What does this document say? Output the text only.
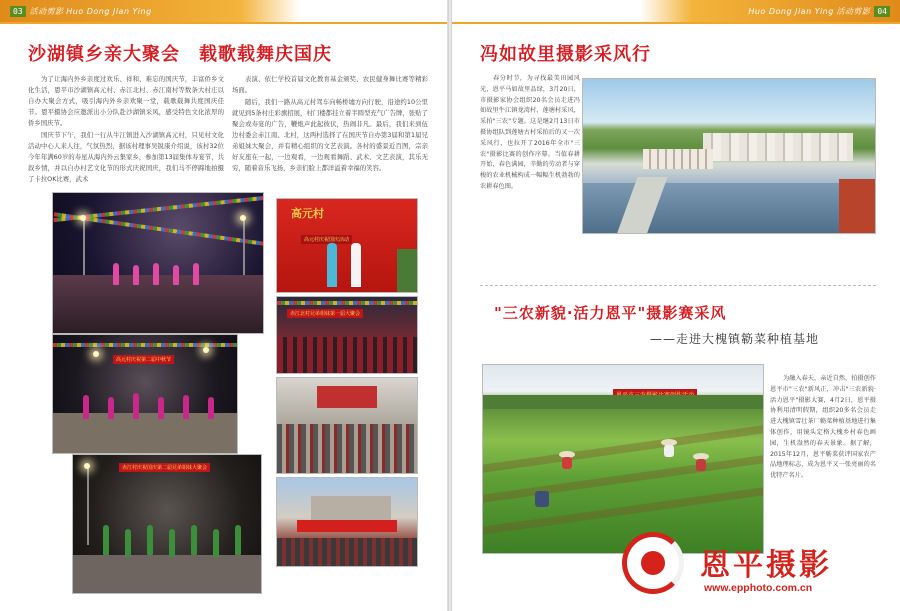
03 活动剪影
Huo Dong Jian Ying
沙湖镇乡亲大聚会　载歌载舞庆国庆

为了让海内外乡亲度过欢乐、祥和、难忘的国庆节，丰富侨乡文化生活，恩平市沙湖镇高元村、赤江北村、赤江南村等数条大村庄以自办大聚会方式，吸引海内外乡亲欢聚一堂，载歌载舞共度国庆佳节。恩平摄协会应邀派出小分队赴沙湖镇采风，感受特色文化浓厚的侨乡国庆节。

国庆节下午，我们一行从牛江镇进入沙湖镇高元村，只见村文化活动中心人来人往，气氛热烈，据该村理事吴锐康介绍说，该村32位今年年满60岁的寿星从海内外云集家乡，参加第13届集体寿宴节，共叙乡情，并以自办村艺文化节的形式庆祝国庆，我们马不停蹄地拍摄了卡拉OK比赛，武术

表演、依仁学校首届文化教育基金颁奖、农民健身舞比赛等精彩场面。

随后，我们一路从高元村驾车向畅桥墟方向行驶，沿途约10公里就见到5条村庄彩旗招展，村门楼都挂立着半圆型充气广告牌，张贴了聚会或寿宴的广告，鞭炮声此起彼伏，热闹非凡。最后，我们来到伍边村委会赤江南、北村，这两村选择了在国庆节自办第3届和第1届兄弟姐妹大聚会，并有精心组织的文艺表演。各村的盛景近百图，宗亲好友座在一起，一边观看，一边观看舞蹈、武术、文艺表演，其乐无穷，随着音乐飞扬，乡亲们脸上都洋溢着幸福的笑容。

高元村庆祝第二届中秋节
赤江村庆祝国庆第二届兄弟姐妹大聚会
高元村
高元村庆祝国庆活动
赤江北村兄弟姐妹第一届大聚会
Huo Dong Jian Ying
活动剪影 04
冯如故里摄影采风行

春分时节，为寻找最美田园风光，恩平马如故里品绿，3月20日，市摄影家协会组织20名会员走进冯如故里牛江镇龙湾村、莲塘村采风，采拍"三农"专题。这是继2月13日市摄协组队到莲塘古村采拍后的又一次采风行，也拉开了2016年全市"三农"摄影比赛的创作序幕。当值春耕开始，春色满园，辛勤的劳动者与穿梭的农业机械构成一幅幅生机勃勃的农耕春色图。

"三农新貌·活力恩平"摄影赛采风
——走进大槐镇簕菜种植基地

为融入春天，亲近自然，拍摄创作恩平市"三农"新风正，冲击"三农新貌·活力恩平"摄影大赛，4月2日，恩平摄协利用清明假期，组织20多名会员走进大槐镇雪壮茶厂簕菜种植基地进行集体创作，用镜头定格大槐乡村春色画园，生机盎然的春天景象。据了解，2015年12月，恩平簕菜获评国家农产品地理标志，成为恩平又一张亮丽的名优特产名片。

恩平摄影
www.epphoto.com.cn
